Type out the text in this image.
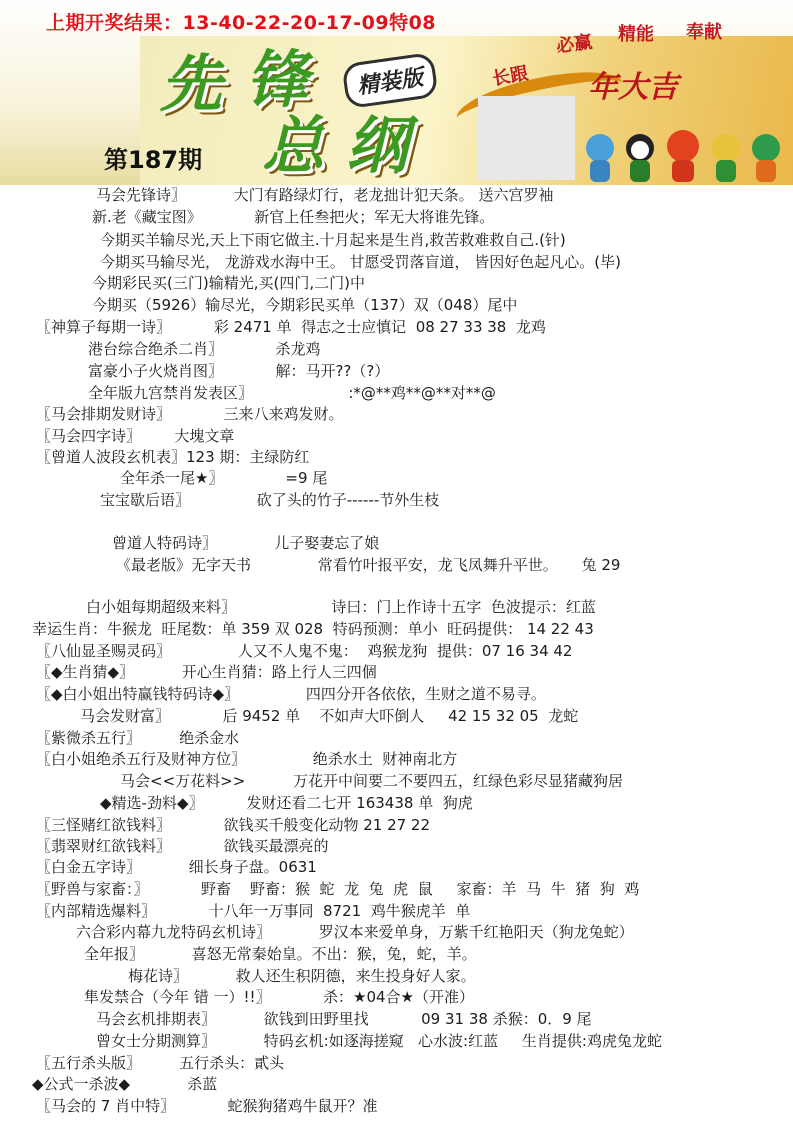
上期开奖结果：13-40-22-20-17-09特08
先 锋
总 纲
精装版	长跟
必赢 精能 奉献
年大吉
第187期
马会先锋诗〗          大门有路绿灯行，老龙拙计犯天条。 送六宫罗袖
新.老《藏宝图》           新官上任叁把火；军无大将谁先锋。
今期买羊输尽光,天上下雨它做主.十月起来是生肖,救苦救难救自己.(针)
今期买马输尽光， 龙游戏水海中王。 甘愿受罚落盲道， 皆因好色起凡心。(毕)
今期彩民买(三门)输精光,买(四门,二门)中
今期买（5926）输尽光，今期彩民买单（137）双（048）尾中
〖神算子每期一诗〗         彩 2471 单  得志之士应慎记  08 27 33 38  龙鸡
港台综合绝杀二肖〗           杀龙鸡
富豪小子火烧肖图〗           解：马开??（?）
全年版九宫禁肖发表区〗                    :*@**鸡**@**对**@
〖马会排期发财诗〗           三来八来鸡发财。
〖马会四字诗〗       大塊文章
〖曾道人波段玄机表〗123 期：主绿防红
全年杀一尾★〗             =9 尾
宝宝歇后语〗              砍了头的竹子------节外生枝
曾道人特码诗〗            儿子娶妻忘了娘
《最老版》无字天书              常看竹叶报平安，龙飞凤舞升平世。     兔 29
白小姐每期超级来料〗                    诗曰：门上作诗十五字  色波提示：红蓝
幸运生肖：牛猴龙  旺尾数：单 359 双 028  特码预测：单小  旺码提供： 14 22 43
〖八仙显圣赐灵码〗              人又不人鬼不鬼：  鸡猴龙狗  提供：07 16 34 42
〖◆生肖猜◆〗          开心生肖猜：路上行人三四個
〖◆白小姐出特赢钱特码诗◆〗              四四分开各依依，生财之道不易寻。
马会发财富〗           后 9452 单    不如声大吓倒人     42 15 32 05  龙蛇
〖紫微杀五行〗        绝杀金水
〖白小姐绝杀五行及财神方位〗              绝杀水土  财神南北方
马会<<万花料>>          万花开中间要二不要四五，红绿色彩尽显猪藏狗居
◆精选-劲料◆〗         发财还看二七开 163438 单  狗虎
〖三怪赌红欲钱料〗           欲钱买千般变化动物 21 27 22
〖翡翠财红欲钱料〗           欲钱买最漂亮的
〖白金五字诗〗          细长身子盘。0631
〖野兽与家畜：〗           野畜    野畜：猴  蛇  龙  兔  虎  鼠     家畜：羊  马  牛  猪  狗  鸡
〖内部精选爆料〗           十八年一万事同  8721  鸡牛猴虎羊  单
六合彩内幕九龙特码玄机诗〗          罗汉本来爱单身，万紫千红艳阳天（狗龙兔蛇）
全年报〗          喜怒无常秦始皇。不出：猴，兔，蛇，羊。
梅花诗〗          救人还生积阴德，来生投身好人家。
隼发禁合（今年 错 一）!!〗           杀：★04合★（开准）
马会玄机排期表〗          欲钱到田野里找           09 31 38 杀猴：0．9 尾
曾女士分期测算〗          特码玄机:如逐海搓窥   心水波:红蓝     生肖提供:鸡虎兔龙蛇
〖五行杀头版〗        五行杀头：貳头
◆公式一杀波◆            杀蓝
〖马会的 7 肖中特〗           蛇猴狗猪鸡牛鼠开？准
